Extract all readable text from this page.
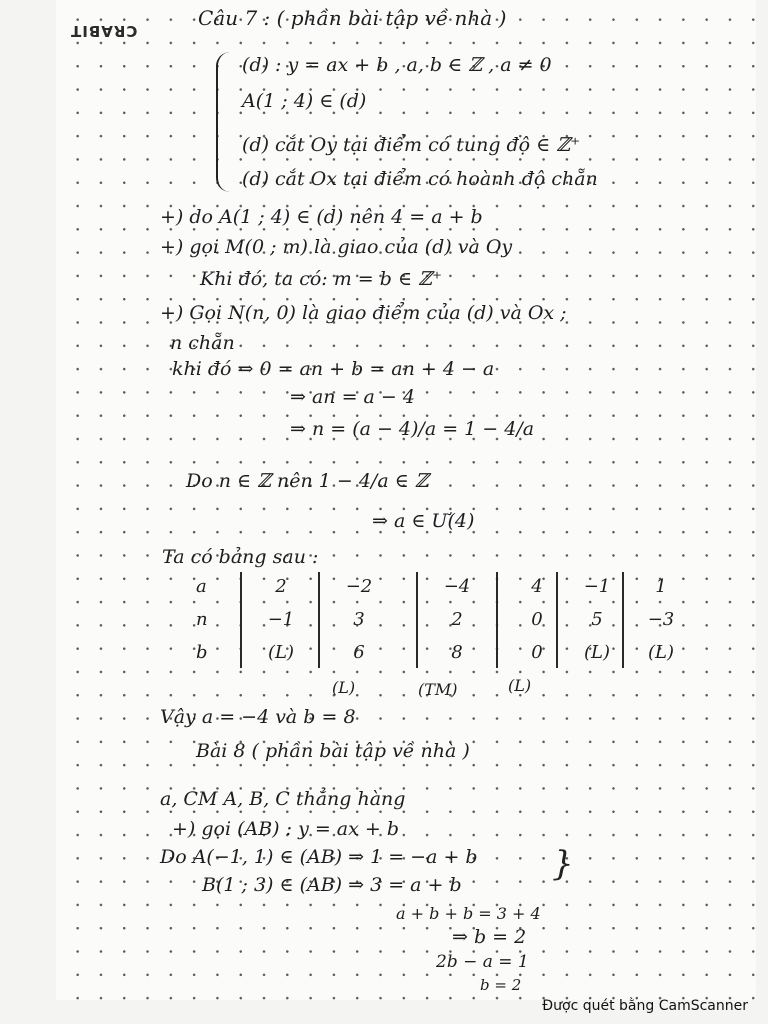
CRABIT
Câu 7 : ( phần bài tập về nhà )
(d) : y = ax + b , a, b ∈ ℤ , a ≠ 0
A(1 ; 4) ∈ (d)
(d) cắt Oy tại điểm có tung độ ∈ ℤ⁺
(d) cắt Ox tại điểm có hoành độ chẵn
+) do A(1 ; 4) ∈ (d) nên 4 = a + b
+) gọi M(0 ; m) là giao của (d) và Oy
Khi đó, ta có: m = b ∈ ℤ⁺
+) Gọi N(n, 0) là giao điểm của (d) và Ox ;
n chẵn
khi đó ⇒ 0 = an + b = an + 4 − a
⇒ an = a − 4
⇒ n = (a − 4)/a = 1 − 4/a
Do n ∈ ℤ nên 1 − 4/a ∈ ℤ
⇒ a ∈ Ư(4)
Ta có bảng sau :
a
n
b
2
−1
(L)
−2
3
6
−4
2
8
4
0
0
−1
5
(L)
1
−3
(L)
(L)	(TM)	(L)
Vậy a = −4 và b = 8
Bài 8 ( phần bài tập về nhà )
a, CM A, B, C thẳng hàng
+) gọi (AB) : y = ax + b
Do A(−1, 1) ∈ (AB) ⇒ 1 = −a + b
B(1 ; 3) ∈ (AB) ⇒ 3 = a + b
}
a + b + b = 3 + 4
⇒ b = 2
2b − a = 1
b = 2
Được quét bằng CamScanner
